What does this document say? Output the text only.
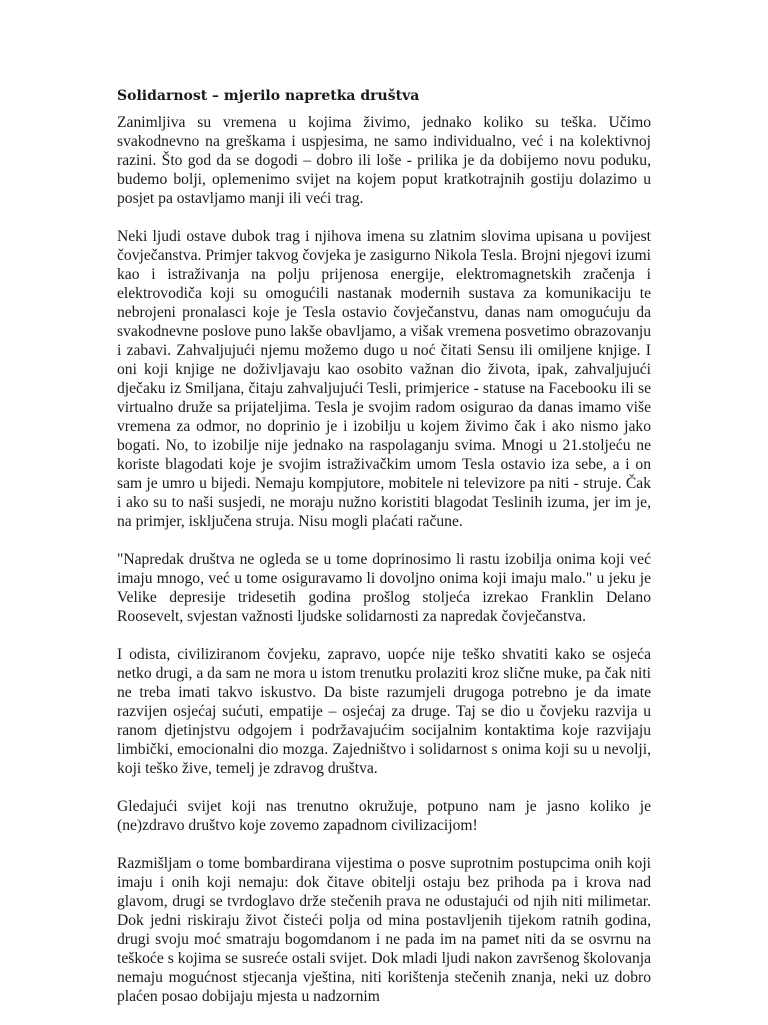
Solidarnost – mjerilo napretka društva

Zanimljiva su vremena u kojima živimo, jednako koliko su teška. Učimo svakodnevno na greškama i uspjesima, ne samo individualno, već i na kolektivnoj razini. Što god da se dogodi – dobro ili loše - prilika je da dobijemo novu poduku, budemo bolji, oplemenimo svijet na kojem poput kratkotrajnih gostiju dolazimo u posjet pa ostavljamo manji ili veći trag.

Neki ljudi ostave dubok trag i njihova imena su zlatnim slovima upisana u povijest čovječanstva. Primjer takvog čovjeka je zasigurno Nikola Tesla. Brojni njegovi izumi kao i istraživanja na polju prijenosa energije, elektromagnetskih zračenja i elektrovodiča koji su omogućili nastanak modernih sustava za komunikaciju te nebrojeni pronalasci koje je Tesla ostavio čovječanstvu, danas nam omogućuju da svakodnevne poslove puno lakše obavljamo, a višak vremena posvetimo obrazovanju i zabavi. Zahvaljujući njemu možemo dugo u noć čitati Sensu ili omiljene knjige. I oni koji knjige ne doživljavaju kao osobito važnan dio života, ipak, zahvaljujući dječaku iz Smiljana, čitaju zahvaljujući Tesli, primjerice - statuse na Facebooku ili se virtualno druže sa prijateljima. Tesla je svojim radom osigurao da danas imamo više vremena za odmor, no doprinio je i izobilju u kojem živimo čak i ako nismo jako bogati. No, to izobilje nije jednako na raspolaganju svima. Mnogi u 21.stoljeću ne koriste blagodati koje je svojim istraživačkim umom Tesla ostavio iza sebe, a i on sam je umro u bijedi. Nemaju kompjutore, mobitele ni televizore pa niti - struje. Čak i ako su to naši susjedi, ne moraju nužno koristiti blagodat Teslinih izuma, jer im je, na primjer, isključena struja. Nisu mogli plaćati račune.

"Napredak društva ne ogleda se u tome doprinosimo li rastu izobilja onima koji već imaju mnogo, već u tome osiguravamo li dovoljno onima koji imaju malo." u jeku je Velike depresije tridesetih godina prošlog stoljeća izrekao Franklin Delano Roosevelt, svjestan važnosti ljudske solidarnosti za napredak čovječanstva.

I odista, civiliziranom čovjeku, zapravo, uopće nije teško shvatiti kako se osjeća netko drugi, a da sam ne mora u istom trenutku prolaziti kroz slične muke, pa čak niti ne treba imati takvo iskustvo. Da biste razumjeli drugoga potrebno je da imate razvijen osjećaj sućuti, empatije – osjećaj za druge. Taj se dio u čovjeku razvija u ranom djetinjstvu odgojem i podržavajućim socijalnim kontaktima koje razvijaju limbički, emocionalni dio mozga. Zajedništvo i solidarnost s onima koji su u nevolji, koji teško žive, temelj je zdravog društva.

Gledajući svijet koji nas trenutno okružuje, potpuno nam je jasno koliko je (ne)zdravo društvo koje zovemo zapadnom civilizacijom!

Razmišljam o tome bombardirana vijestima o posve suprotnim postupcima onih koji imaju i onih koji nemaju: dok čitave obitelji ostaju bez prihoda pa i krova nad glavom, drugi se tvrdoglavo drže stečenih prava ne odustajući od njih niti milimetar. Dok jedni riskiraju život čisteći polja od mina postavljenih tijekom ratnih godina, drugi svoju moć smatraju bogomdanom i ne pada im na pamet niti da se osvrnu na teškoće s kojima se susreće ostali svijet. Dok mladi ljudi nakon završenog školovanja nemaju mogućnost stjecanja vještina, niti korištenja stečenih znanja, neki uz dobro plaćen posao dobijaju mjesta u nadzornim
